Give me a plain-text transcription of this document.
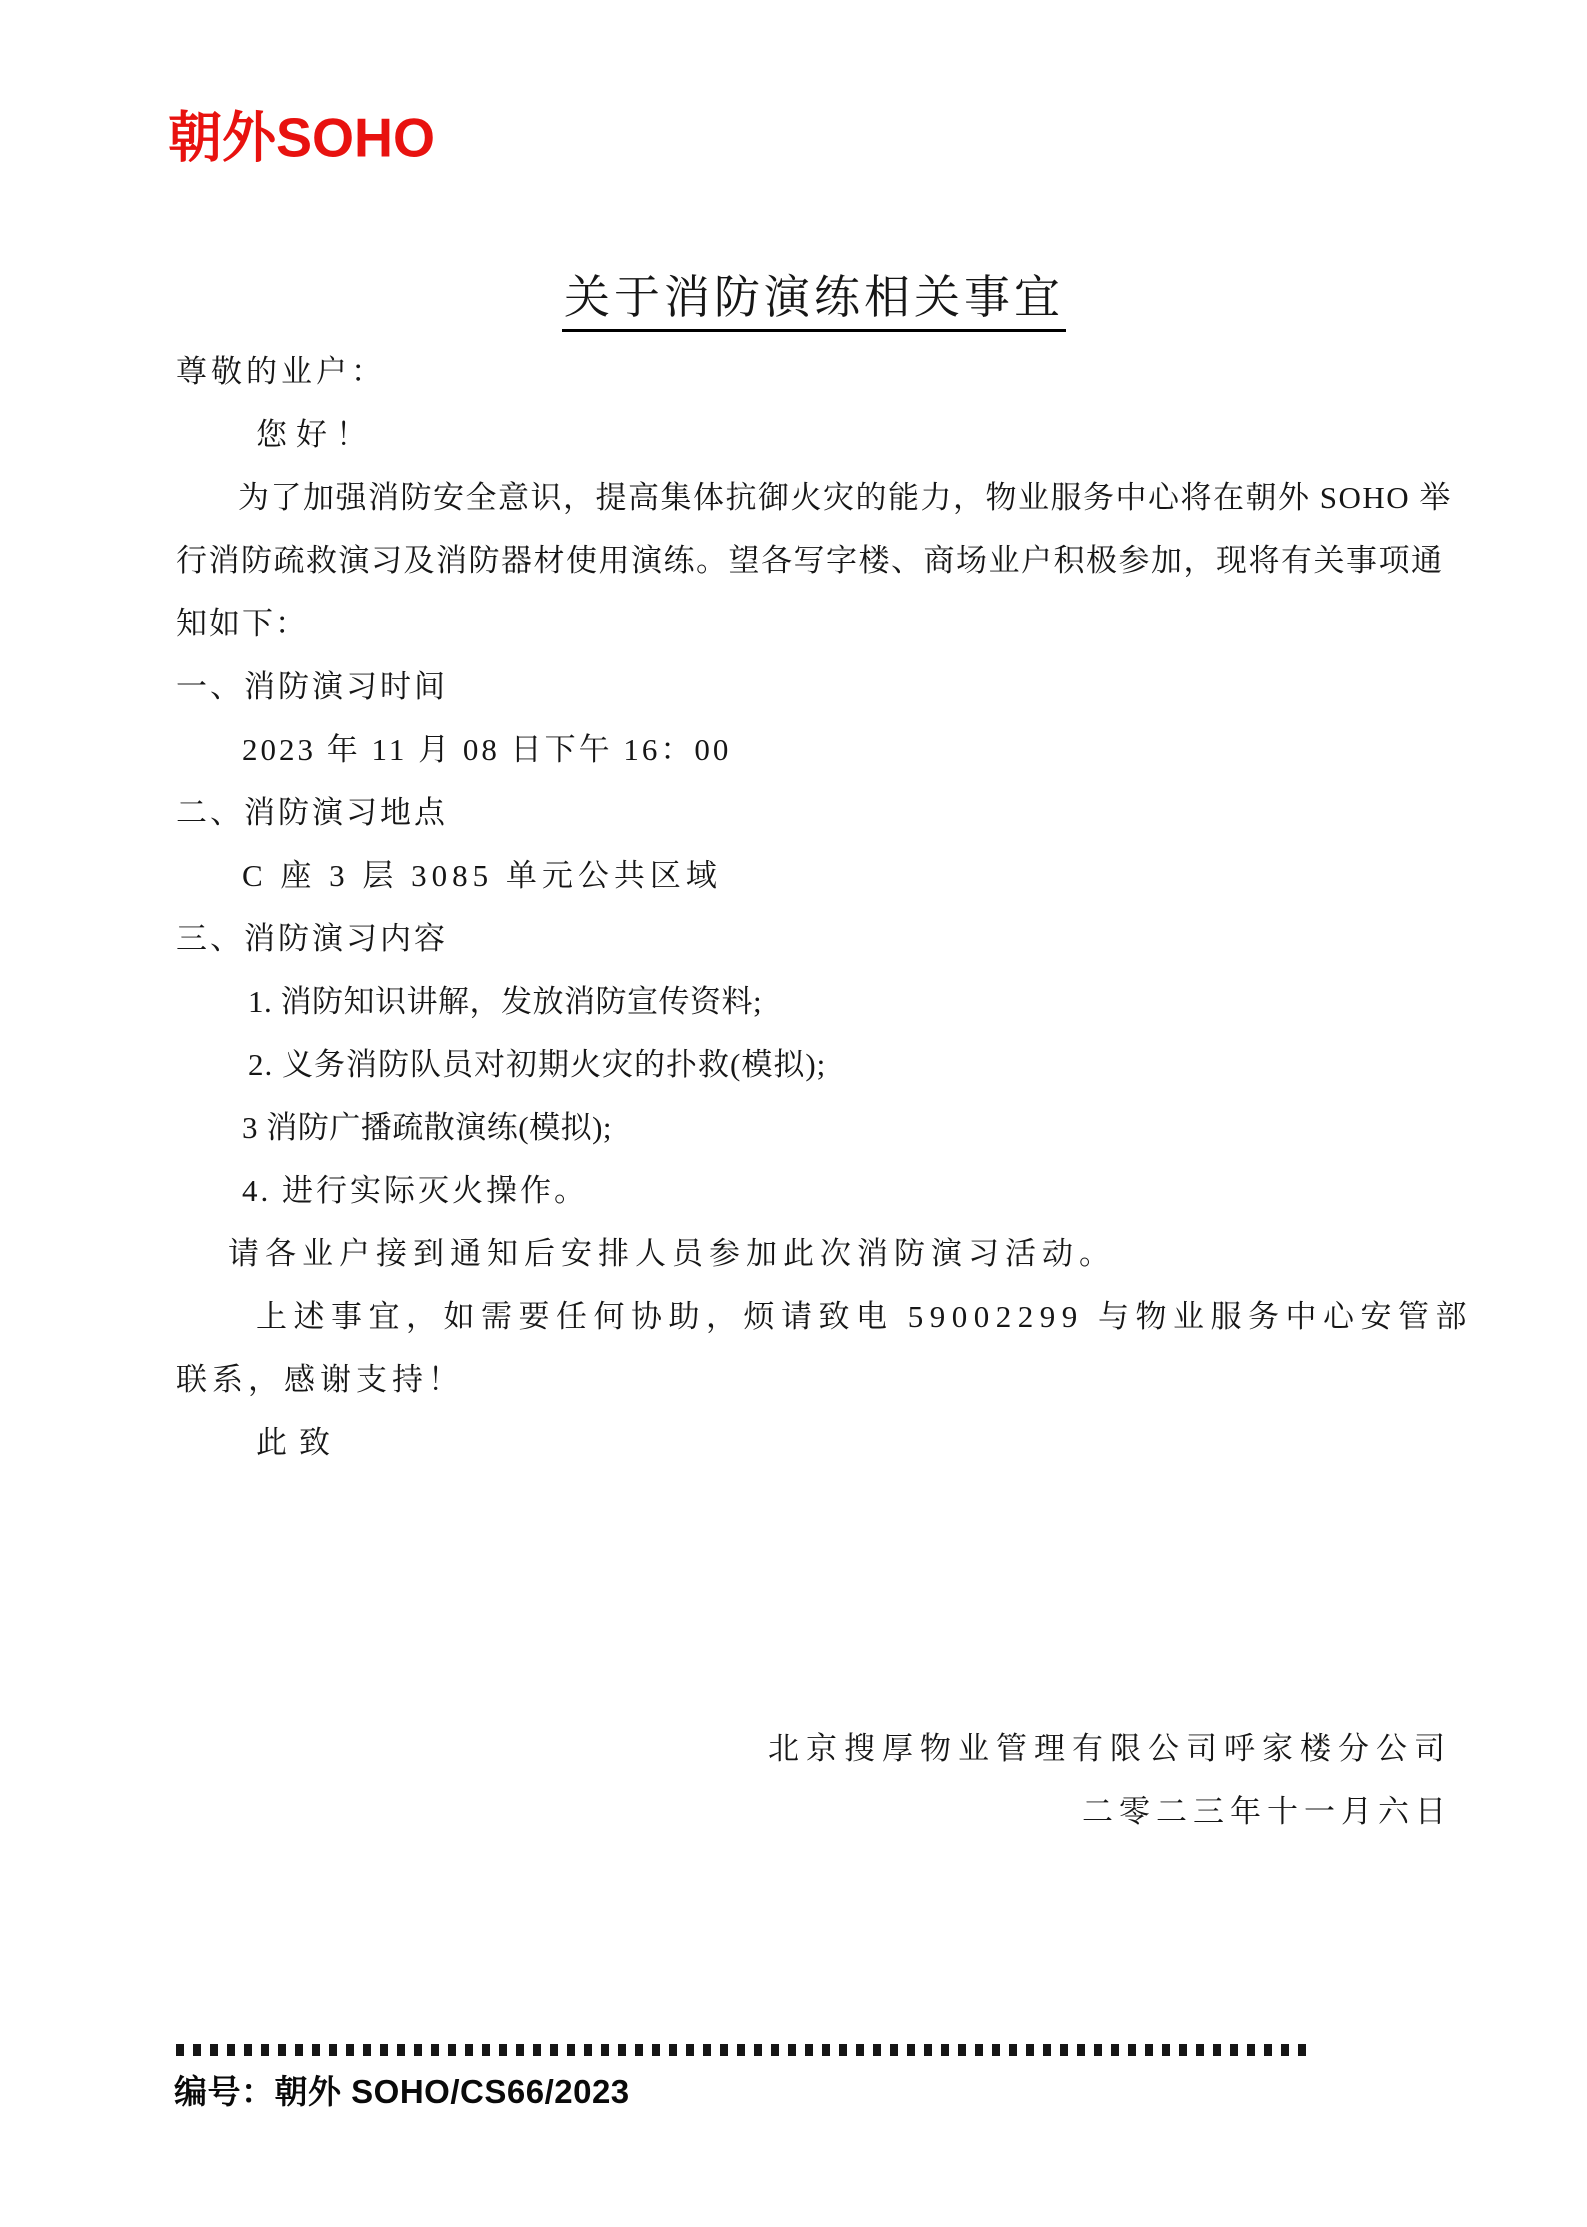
朝外SOHO
关于消防演练相关事宜
尊敬的业户：
您好！
为了加强消防安全意识，提高集体抗御火灾的能力，物业服务中心将在朝外 SOHO 举
行消防疏救演习及消防器材使用演练。望各写字楼、商场业户积极参加，现将有关事项通
知如下：
一、消防演习时间
2023 年 11 月 08 日下午 16：00
二、消防演习地点
C 座 3 层 3085 单元公共区域
三、消防演习内容
1. 消防知识讲解，发放消防宣传资料;
2. 义务消防队员对初期火灾的扑救(模拟);
3 消防广播疏散演练(模拟);
4. 进行实际灭火操作。
请各业户接到通知后安排人员参加此次消防演习活动。
上述事宜，如需要任何协助，烦请致电 59002299 与物业服务中心安管部
联系，感谢支持！
此致
北京搜厚物业管理有限公司呼家楼分公司
二零二三年十一月六日
编号：朝外 SOHO/CS66/2023
